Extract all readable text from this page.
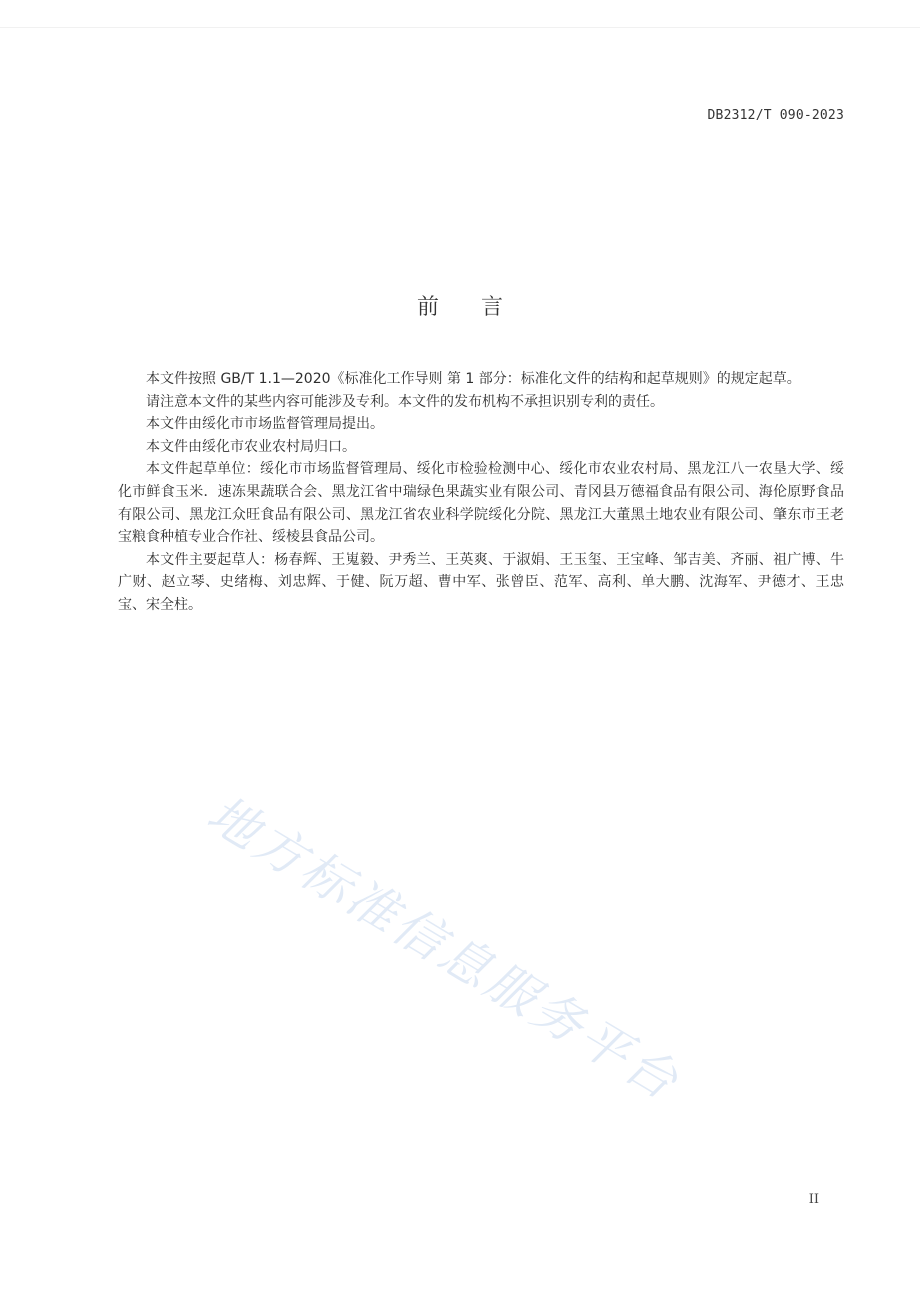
DB2312/T 090-2023
前言

本文件按照 GB/T 1.1—2020《标准化工作导则 第 1 部分：标准化文件的结构和起草规则》的规定起草。

请注意本文件的某些内容可能涉及专利。本文件的发布机构不承担识别专利的责任。

本文件由绥化市市场监督管理局提出。

本文件由绥化市农业农村局归口。

本文件起草单位：绥化市市场监督管理局、绥化市检验检测中心、绥化市农业农村局、黑龙江八一农垦大学、绥化市鲜食玉米．速冻果蔬联合会、黑龙江省中瑞绿色果蔬实业有限公司、青冈县万德福食品有限公司、海伦原野食品有限公司、黑龙江众旺食品有限公司、黑龙江省农业科学院绥化分院、黑龙江大董黑土地农业有限公司、肇东市王老宝粮食种植专业合作社、绥棱县食品公司。

本文件主要起草人：杨春辉、王嵬毅、尹秀兰、王英爽、于淑娟、王玉玺、王宝峰、邹吉美、齐丽、祖广博、牛广财、赵立琴、史绪梅、刘忠辉、于健、阮万超、曹中军、张曾臣、范军、高利、单大鹏、沈海军、尹德才、王忠宝、宋全柱。

地方标准信息服务平台
II
